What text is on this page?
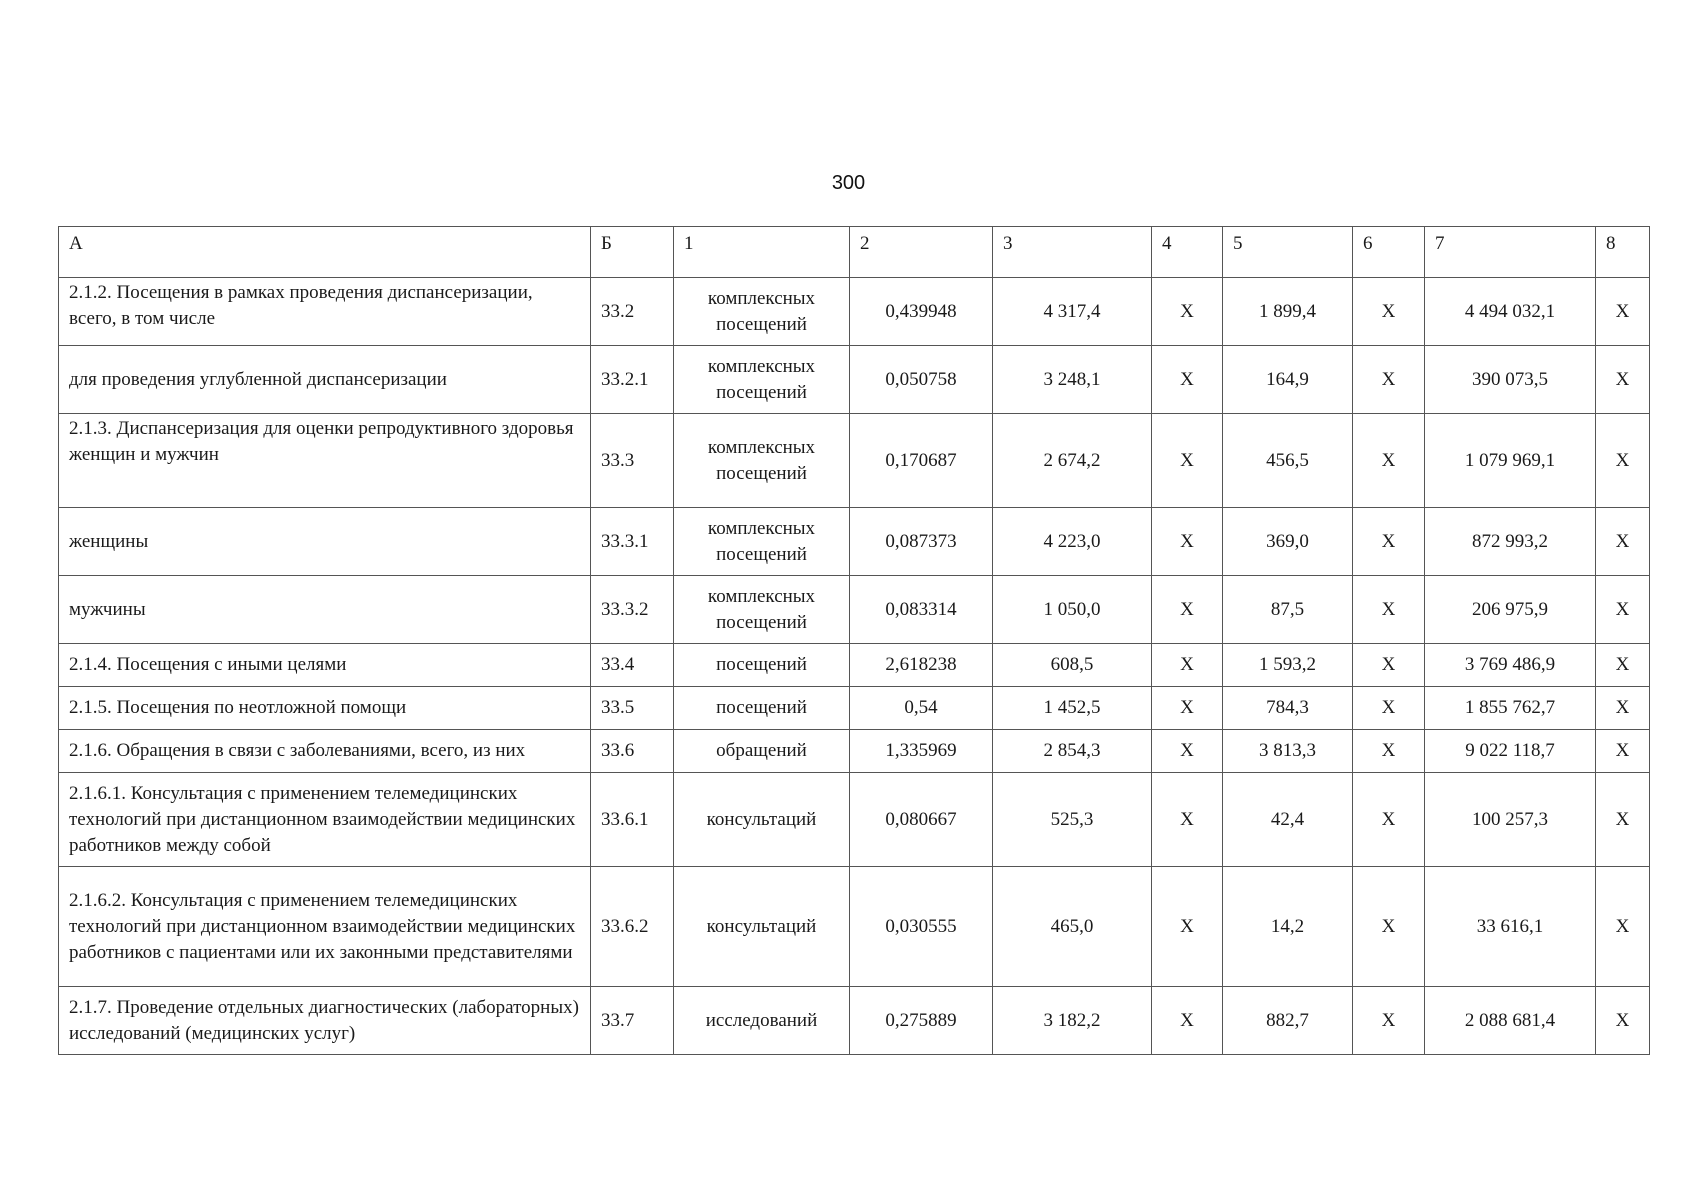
300
А	Б	1	2	3	4	5	6	7	8
2.1.2. Посещения в рамках проведения диспансеризации, всего, в том числе	33.2	комплексных посещений	0,439948	4 317,4	Х	1 899,4	Х	4 494 032,1	Х
для проведения углубленной диспансеризации	33.2.1	комплексных посещений	0,050758	3 248,1	Х	164,9	Х	390 073,5	Х
2.1.3. Диспансеризация для оценки репродуктивного здоровья женщин и мужчин	33.3	комплексных посещений	0,170687	2 674,2	Х	456,5	Х	1 079 969,1	Х
женщины	33.3.1	комплексных посещений	0,087373	4 223,0	Х	369,0	Х	872 993,2	Х
мужчины	33.3.2	комплексных посещений	0,083314	1 050,0	Х	87,5	Х	206 975,9	Х
2.1.4. Посещения с иными целями	33.4	посещений	2,618238	608,5	Х	1 593,2	Х	3 769 486,9	Х
2.1.5. Посещения по неотложной помощи	33.5	посещений	0,54	1 452,5	Х	784,3	Х	1 855 762,7	Х
2.1.6. Обращения в связи с заболеваниями, всего, из них	33.6	обращений	1,335969	2 854,3	Х	3 813,3	Х	9 022 118,7	Х
2.1.6.1. Консультация с применением телемедицинских технологий при дистанционном взаимодействии медицинских работников между собой	33.6.1	консультаций	0,080667	525,3	Х	42,4	Х	100 257,3	Х
2.1.6.2. Консультация с применением телемедицинских технологий при дистанционном взаимодействии медицинских работников с пациентами или их законными представителями	33.6.2	консультаций	0,030555	465,0	Х	14,2	Х	33 616,1	Х
2.1.7. Проведение отдельных диагностических (лабораторных) исследований (медицинских услуг)	33.7	исследований	0,275889	3 182,2	Х	882,7	Х	2 088 681,4	Х
